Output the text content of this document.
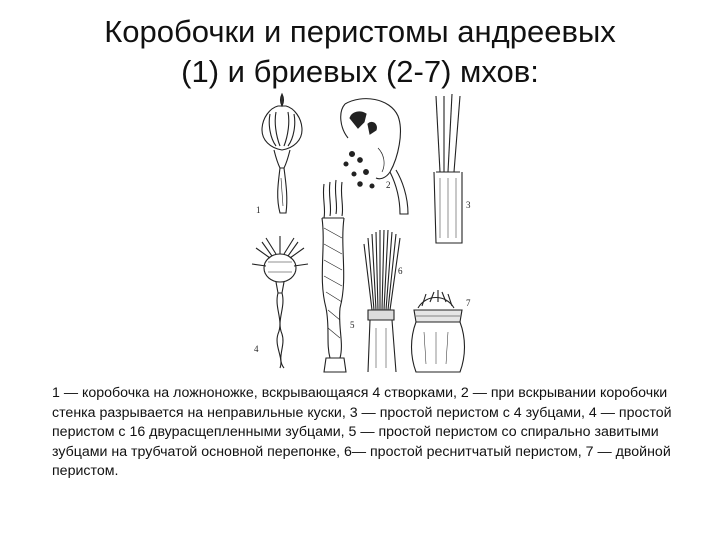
Коробочки и перистомы андреевых
(1) и бриевых (2-7) мхов:
1
2
3
4
5
6
7
1 — коробочка на ложноножке, вскрывающаяся 4 створками, 2 — при вскрывании коробочки стенка разрывается на неправильные куски, 3 — простой перистом с 4 зубцами, 4 — простой перистом с 16 двурасщепленными зубцами, 5 — простой перистом со спирально завитыми зубцами на трубчатой основной перепонке, 6— простой реснитчатый перистом, 7 — двойной перистом.
